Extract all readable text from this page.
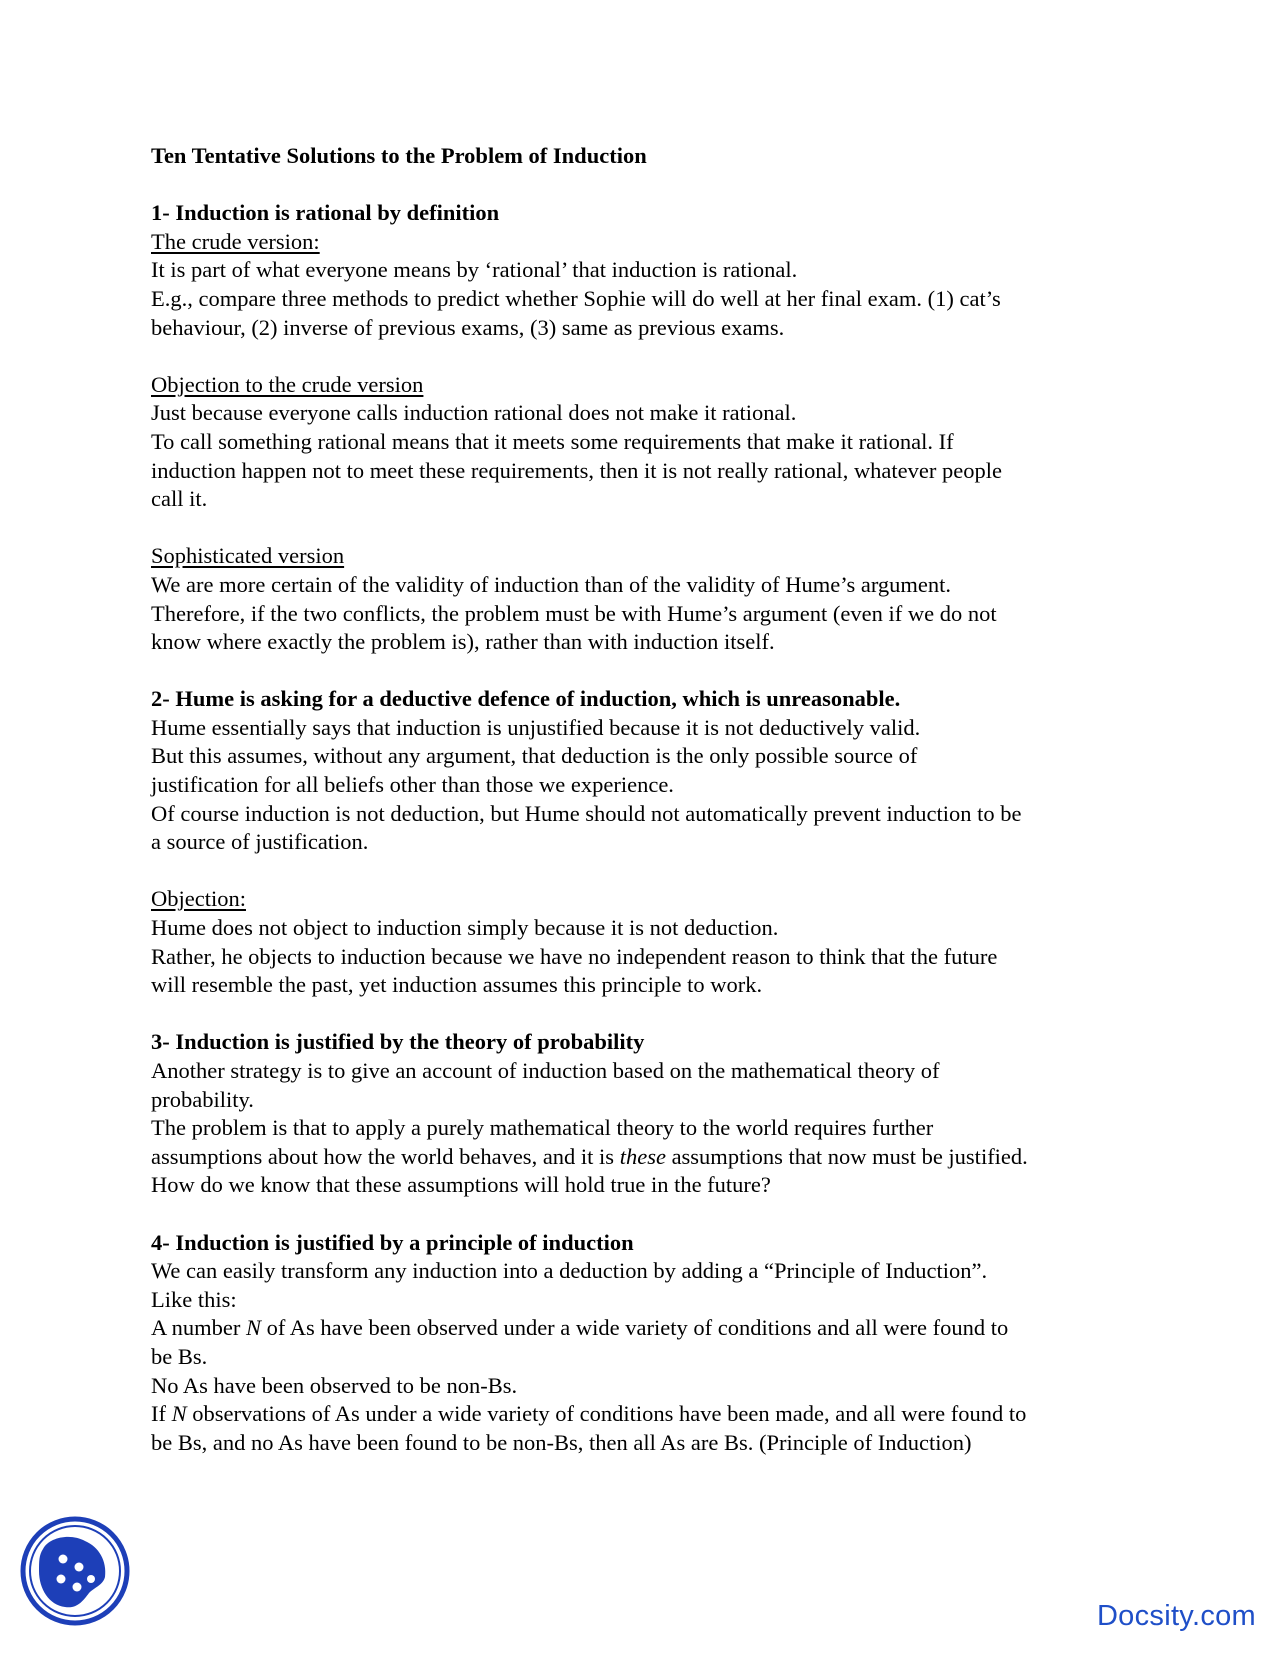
Ten Tentative Solutions to the Problem of Induction
1- Induction is rational by definition
The crude version:
It is part of what everyone means by ‘rational’ that induction is rational.
E.g., compare three methods to predict whether Sophie will do well at her final exam. (1) cat’s
behaviour, (2) inverse of previous exams, (3) same as previous exams.
Objection to the crude version
Just because everyone calls induction rational does not make it rational.
To call something rational means that it meets some requirements that make it rational. If
induction happen not to meet these requirements, then it is not really rational, whatever people
call it.
Sophisticated version
We are more certain of the validity of induction than of the validity of Hume’s argument.
Therefore, if the two conflicts, the problem must be with Hume’s argument (even if we do not
know where exactly the problem is), rather than with induction itself.
2- Hume is asking for a deductive defence of induction, which is unreasonable.
Hume essentially says that induction is unjustified because it is not deductively valid.
But this assumes, without any argument, that deduction is the only possible source of
justification for all beliefs other than those we experience.
Of course induction is not deduction, but Hume should not automatically prevent induction to be
a source of justification.
Objection:
Hume does not object to induction simply because it is not deduction.
Rather, he objects to induction because we have no independent reason to think that the future
will resemble the past, yet induction assumes this principle to work.
3- Induction is justified by the theory of probability
Another strategy is to give an account of induction based on the mathematical theory of
probability.
The problem is that to apply a purely mathematical theory to the world requires further
assumptions about how the world behaves, and it is these assumptions that now must be justified.
How do we know that these assumptions will hold true in the future?
4- Induction is justified by a principle of induction
We can easily transform any induction into a deduction by adding a “Principle of Induction”.
Like this:
A number N of As have been observed under a wide variety of conditions and all were found to
be Bs.
No As have been observed to be non-Bs.
If N observations of As under a wide variety of conditions have been made, and all were found to
be Bs, and no As have been found to be non-Bs, then all As are Bs. (Principle of Induction)
Docsity.com
